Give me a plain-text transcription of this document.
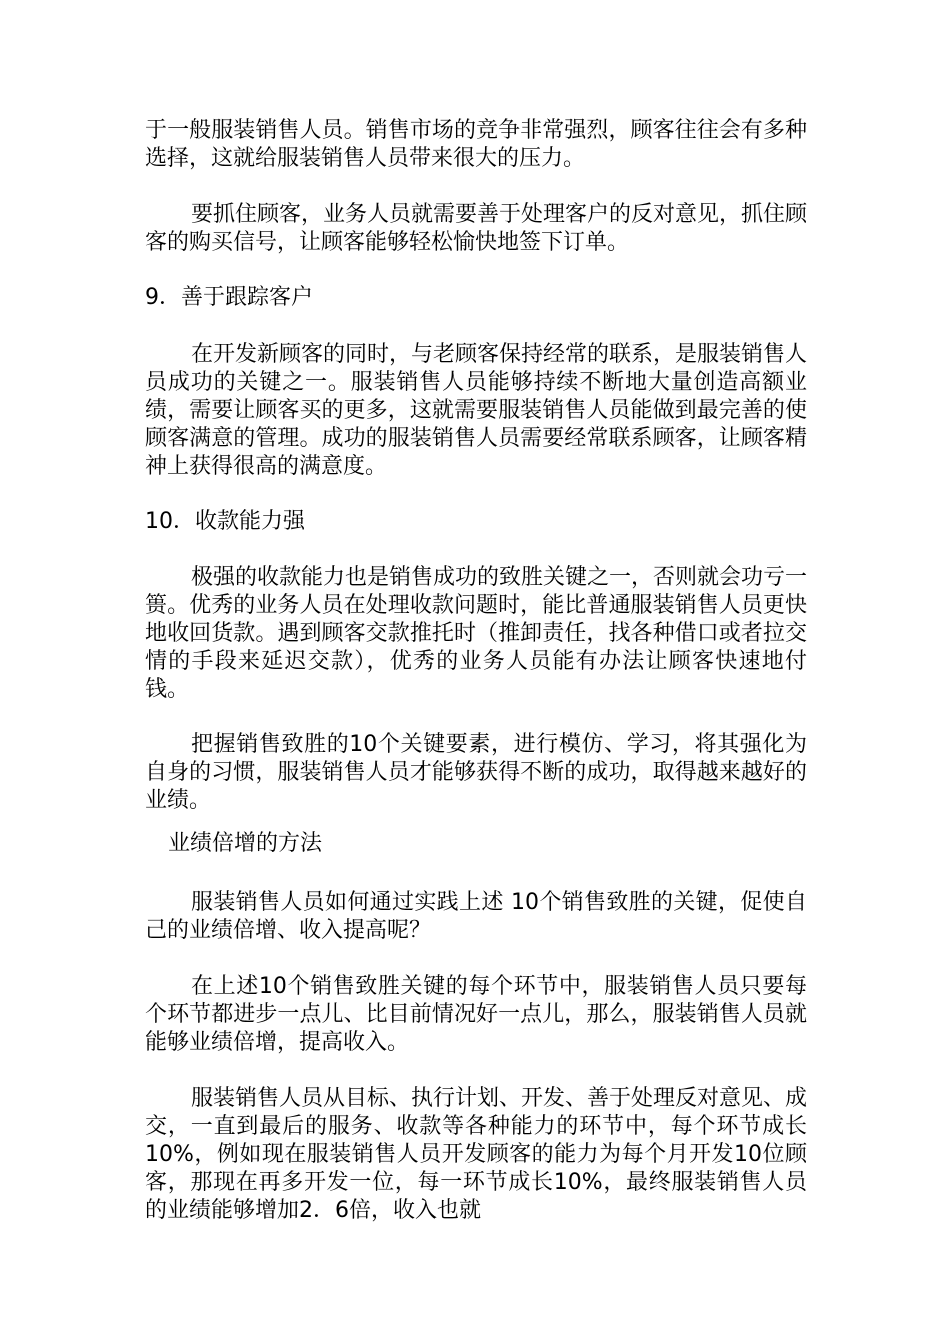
于一般服装销售人员。销售市场的竞争非常强烈，顾客往往会有多种选择，这就给服装销售人员带来很大的压力。

要抓住顾客，业务人员就需要善于处理客户的反对意见，抓住顾客的购买信号，让顾客能够轻松愉快地签下订单。

9．善于跟踪客户

在开发新顾客的同时，与老顾客保持经常的联系，是服装销售人员成功的关键之一。服装销售人员能够持续不断地大量创造高额业绩，需要让顾客买的更多，这就需要服装销售人员能做到最完善的使顾客满意的管理。成功的服装销售人员需要经常联系顾客，让顾客精神上获得很高的满意度。

10．收款能力强

极强的收款能力也是销售成功的致胜关键之一，否则就会功亏一篑。优秀的业务人员在处理收款问题时，能比普通服装销售人员更快地收回货款。遇到顾客交款推托时（推卸责任，找各种借口或者拉交情的手段来延迟交款），优秀的业务人员能有办法让顾客快速地付钱。

把握销售致胜的10个关键要素，进行模仿、学习，将其强化为自身的习惯，服装销售人员才能够获得不断的成功，取得越来越好的业绩。

业绩倍增的方法

服装销售人员如何通过实践上述 10个销售致胜的关键，促使自己的业绩倍增、收入提高呢？

在上述10个销售致胜关键的每个环节中，服装销售人员只要每个环节都进步一点儿、比目前情况好一点儿，那么，服装销售人员就能够业绩倍增，提高收入。

服装销售人员从目标、执行计划、开发、善于处理反对意见、成交，一直到最后的服务、收款等各种能力的环节中，每个环节成长10%，例如现在服装销售人员开发顾客的能力为每个月开发10位顾客，那现在再多开发一位，每一环节成长10%，最终服装销售人员的业绩能够增加2．6倍，收入也就
